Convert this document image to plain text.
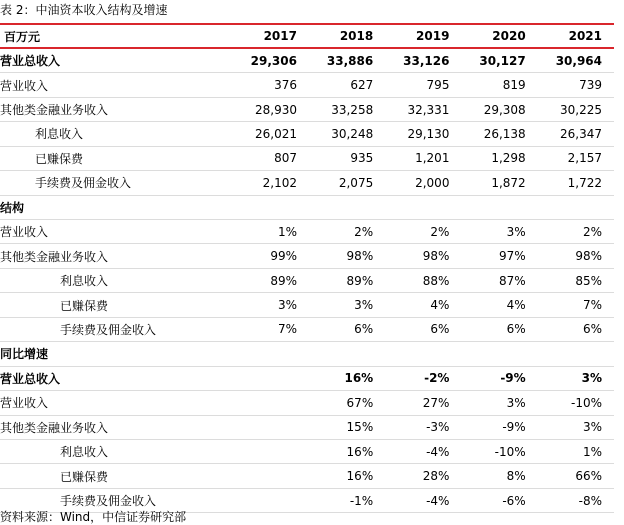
表 2：中油资本收入结构及增速
百万元	2017	2018	2019	2020	2021
营业总收入	29,306	33,886	33,126	30,127	30,964
营业收入	376	627	795	819	739
其他类金融业务收入	28,930	33,258	32,331	29,308	30,225
利息收入	26,021	30,248	29,130	26,138	26,347
已赚保费	807	935	1,201	1,298	2,157
手续费及佣金收入	2,102	2,075	2,000	1,872	1,722
结构					
营业收入	1%	2%	2%	3%	2%
其他类金融业务收入	99%	98%	98%	97%	98%
利息收入	89%	89%	88%	87%	85%
已赚保费	3%	3%	4%	4%	7%
手续费及佣金收入	7%	6%	6%	6%	6%
同比增速					
营业总收入		16%	-2%	-9%	3%
营业收入		67%	27%	3%	-10%
其他类金融业务收入		15%	-3%	-9%	3%
利息收入		16%	-4%	-10%	1%
已赚保费		16%	28%	8%	66%
手续费及佣金收入		-1%	-4%	-6%	-8%
资料来源：Wind，中信证券研究部
